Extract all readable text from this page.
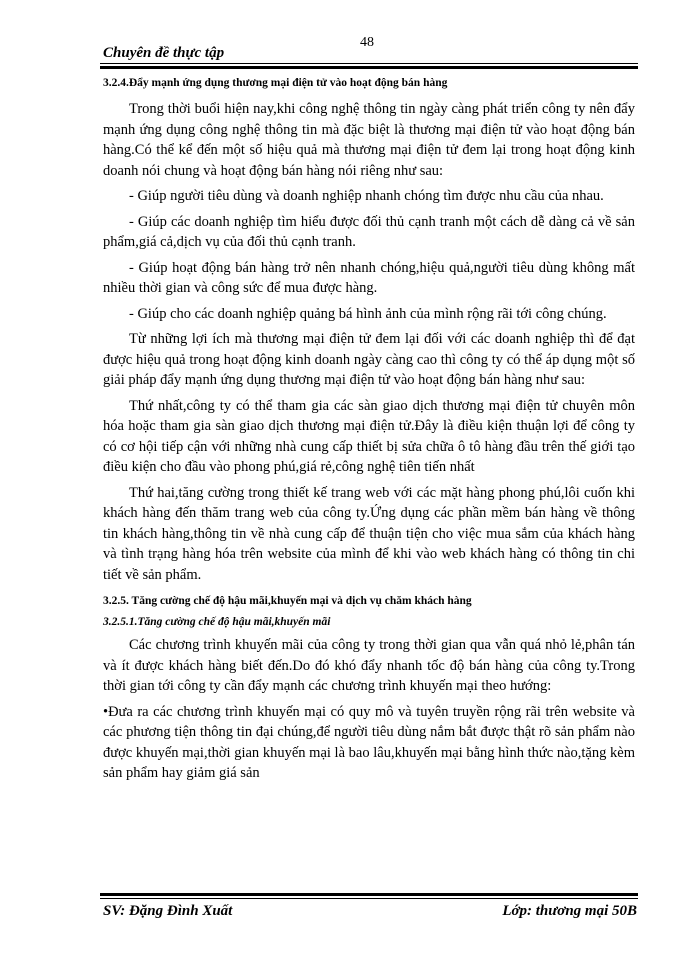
Chuyên đề thực tập
48

3.2.4.Đẩy mạnh ứng dụng thương mại điện tử vào hoạt động bán hàng

Trong thời buổi hiện nay,khi công nghệ thông tin ngày càng phát triển công ty nên đẩy mạnh ứng dụng công nghệ thông tin mà đặc biệt là thương mại điện tử vào hoạt động bán hàng.Có thể kể đến một số hiệu quả mà thương mại điện tử đem lại trong hoạt động kinh doanh nói chung và hoạt động bán hàng nói riêng như sau:

- Giúp người tiêu dùng và doanh nghiệp nhanh chóng tìm được nhu cầu của nhau.

- Giúp các doanh nghiệp tìm hiểu được đối thủ cạnh tranh một cách dễ dàng cả về sản phẩm,giá cả,dịch vụ của đối thủ cạnh tranh.

- Giúp hoạt động bán hàng trở nên nhanh chóng,hiệu quả,người tiêu dùng không mất nhiều thời gian và công sức để mua được hàng.

- Giúp cho các doanh nghiệp quảng bá hình ảnh của mình rộng rãi tới công chúng.

Từ những lợi ích mà thương mại điện tử đem lại đối với các doanh nghiệp thì để đạt được hiệu quả trong hoạt động kinh doanh ngày càng cao thì công ty có thể áp dụng một số giải pháp đẩy mạnh ứng dụng thương mại điện tử vào hoạt động bán hàng như sau:

Thứ nhất,công ty có thể tham gia các sàn giao dịch thương mại điện tử chuyên môn hóa hoặc tham gia sàn giao dịch thương mại điện tử.Đây là điều kiện thuận lợi để công ty có cơ hội tiếp cận với những nhà cung cấp thiết bị sửa chữa ô tô hàng đầu trên thế giới tạo điều kiện cho đầu vào phong phú,giá rẻ,công nghệ tiên tiến nhất

Thứ hai,tăng cường trong thiết kế trang web với các mặt hàng phong phú,lôi cuốn khi khách hàng đến thăm trang web của công ty.Ứng dụng các phần mềm bán hàng về thông tin khách hàng,thông tin về nhà cung cấp để thuận tiện cho việc mua sắm của khách hàng và tình trạng hàng hóa trên website của mình để khi vào web khách hàng có thông tin chi tiết về sản phẩm.

3.2.5. Tăng cường chế độ hậu mãi,khuyến mại và dịch vụ chăm khách hàng

3.2.5.1.Tăng cường chế độ hậu mãi,khuyến mãi

Các chương trình khuyến mãi của công ty trong thời gian qua vẫn quá nhỏ lẻ,phân tán và ít được khách hàng biết đến.Do đó khó đẩy nhanh tốc độ bán hàng của công ty.Trong thời gian tới công ty cần đẩy mạnh các chương trình khuyến mại theo hướng:

•Đưa ra các chương trình khuyến mại có quy mô và tuyên truyền rộng rãi trên website và các phương tiện thông tin đại chúng,để người tiêu dùng nắm bắt được thật rõ sản phẩm nào được khuyến mại,thời gian khuyến mại là bao lâu,khuyến mại bằng hình thức nào,tặng kèm sản phẩm hay giảm giá sản

SV: Đặng Đình Xuất	Lớp: thương mại 50B
